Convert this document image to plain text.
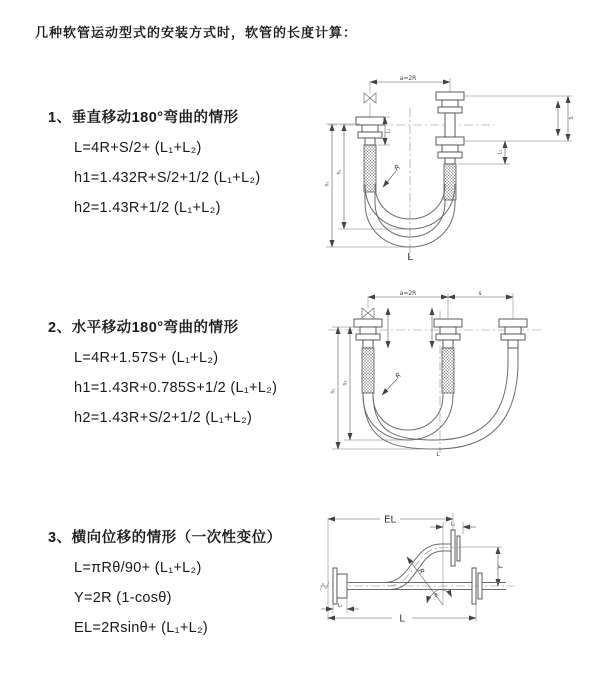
几种软管运动型式的安装方式时，软管的长度计算：
1、垂直移动180°弯曲的情形

L=4R+S/2+ (L₁+L₂)

h1=1.432R+S/2+1/2 (L₁+L₂)

h2=1.43R+1/2 (L₁+L₂)

2、水平移动180°弯曲的情形

L=4R+1.57S+ (L₁+L₂)

h1=1.43R+0.785S+1/2 (L₁+L₂)

h2=1.43R+S/2+1/2 (L₁+L₂)

3、横向位移的情形（一次性变位）

L=πRθ/90+ (L₁+L₂)

Y=2R (1-cosθ)

EL=2Rsinθ+ (L₁+L₂)

a=2R
h₁
h₂
L₁
S
L₁
R
L
a=2R	s
h₁
h₂
R
L
EL	L₁
Y
R
θ
L₁
L
